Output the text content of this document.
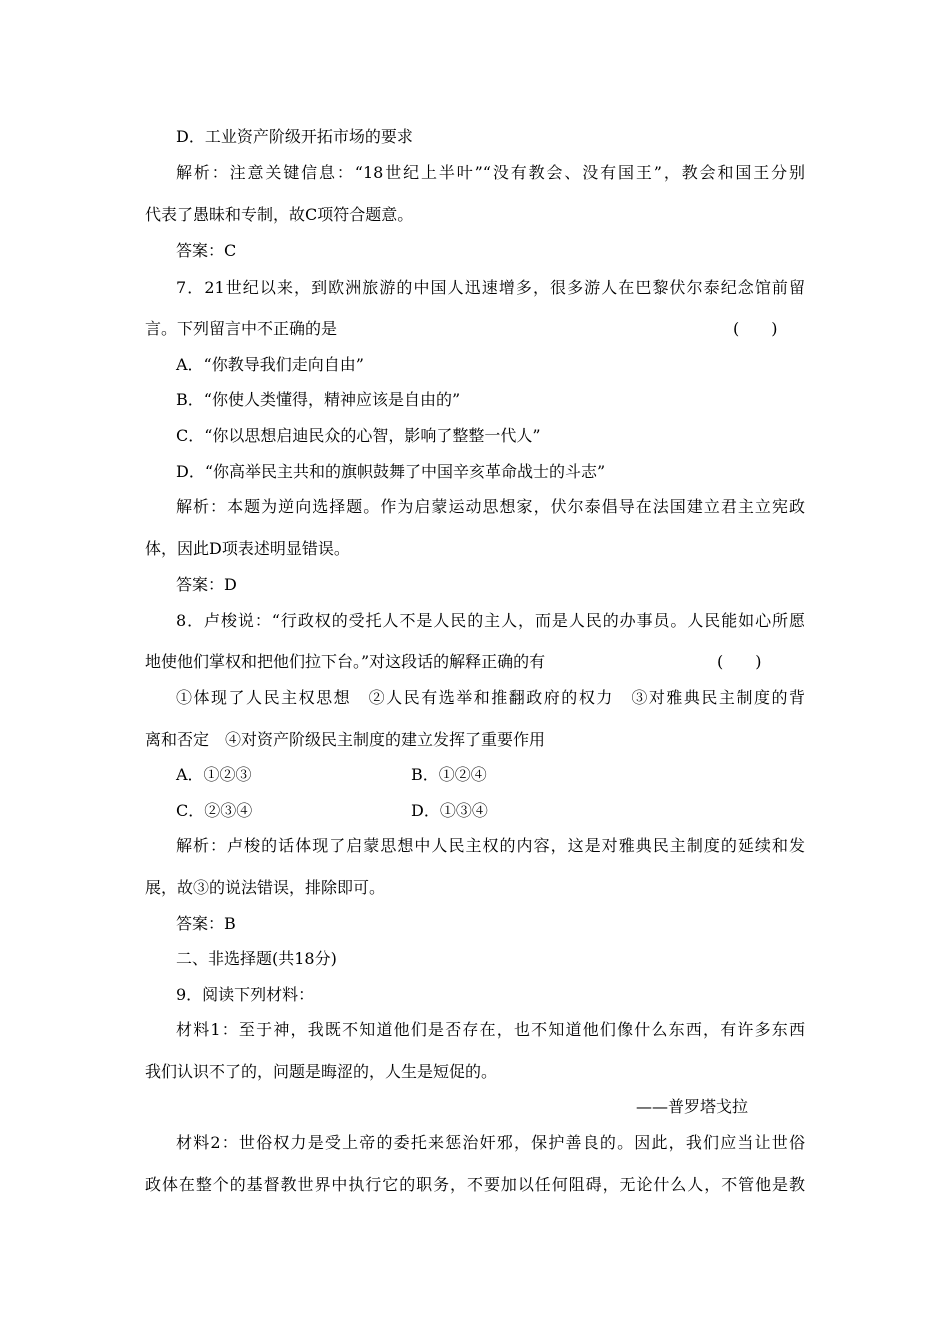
D．工业资产阶级开拓市场的要求
解析：注意关键信息：“18世纪上半叶”“没有教会、没有国王”，教会和国王分别
代表了愚昧和专制，故C项符合题意。
答案：C
7．21世纪以来，到欧洲旅游的中国人迅速增多，很多游人在巴黎伏尔泰纪念馆前留
言。下列留言中不正确的是	(　　)
A．“你教导我们走向自由”
B．“你使人类懂得，精神应该是自由的”
C．“你以思想启迪民众的心智，影响了整整一代人”
D．“你高举民主共和的旗帜鼓舞了中国辛亥革命战士的斗志”
解析：本题为逆向选择题。作为启蒙运动思想家，伏尔泰倡导在法国建立君主立宪政
体，因此D项表述明显错误。
答案：D
8．卢梭说：“行政权的受托人不是人民的主人，而是人民的办事员。人民能如心所愿
地使他们掌权和把他们拉下台。”对这段话的解释正确的有	(　　)
①体现了人民主权思想　②人民有选举和推翻政府的权力　③对雅典民主制度的背
离和否定　④对资产阶级民主制度的建立发挥了重要作用
A．①②③	B．①②④
C．②③④	D．①③④
解析：卢梭的话体现了启蒙思想中人民主权的内容，这是对雅典民主制度的延续和发
展，故③的说法错误，排除即可。
答案：B
二、非选择题(共18分)
9．阅读下列材料：
材料1：至于神，我既不知道他们是否存在，也不知道他们像什么东西，有许多东西
我们认识不了的，问题是晦涩的，人生是短促的。
——普罗塔戈拉
材料2：世俗权力是受上帝的委托来惩治奸邪，保护善良的。因此，我们应当让世俗
政体在整个的基督教世界中执行它的职务，不要加以任何阻碍，无论什么人，不管他是教
